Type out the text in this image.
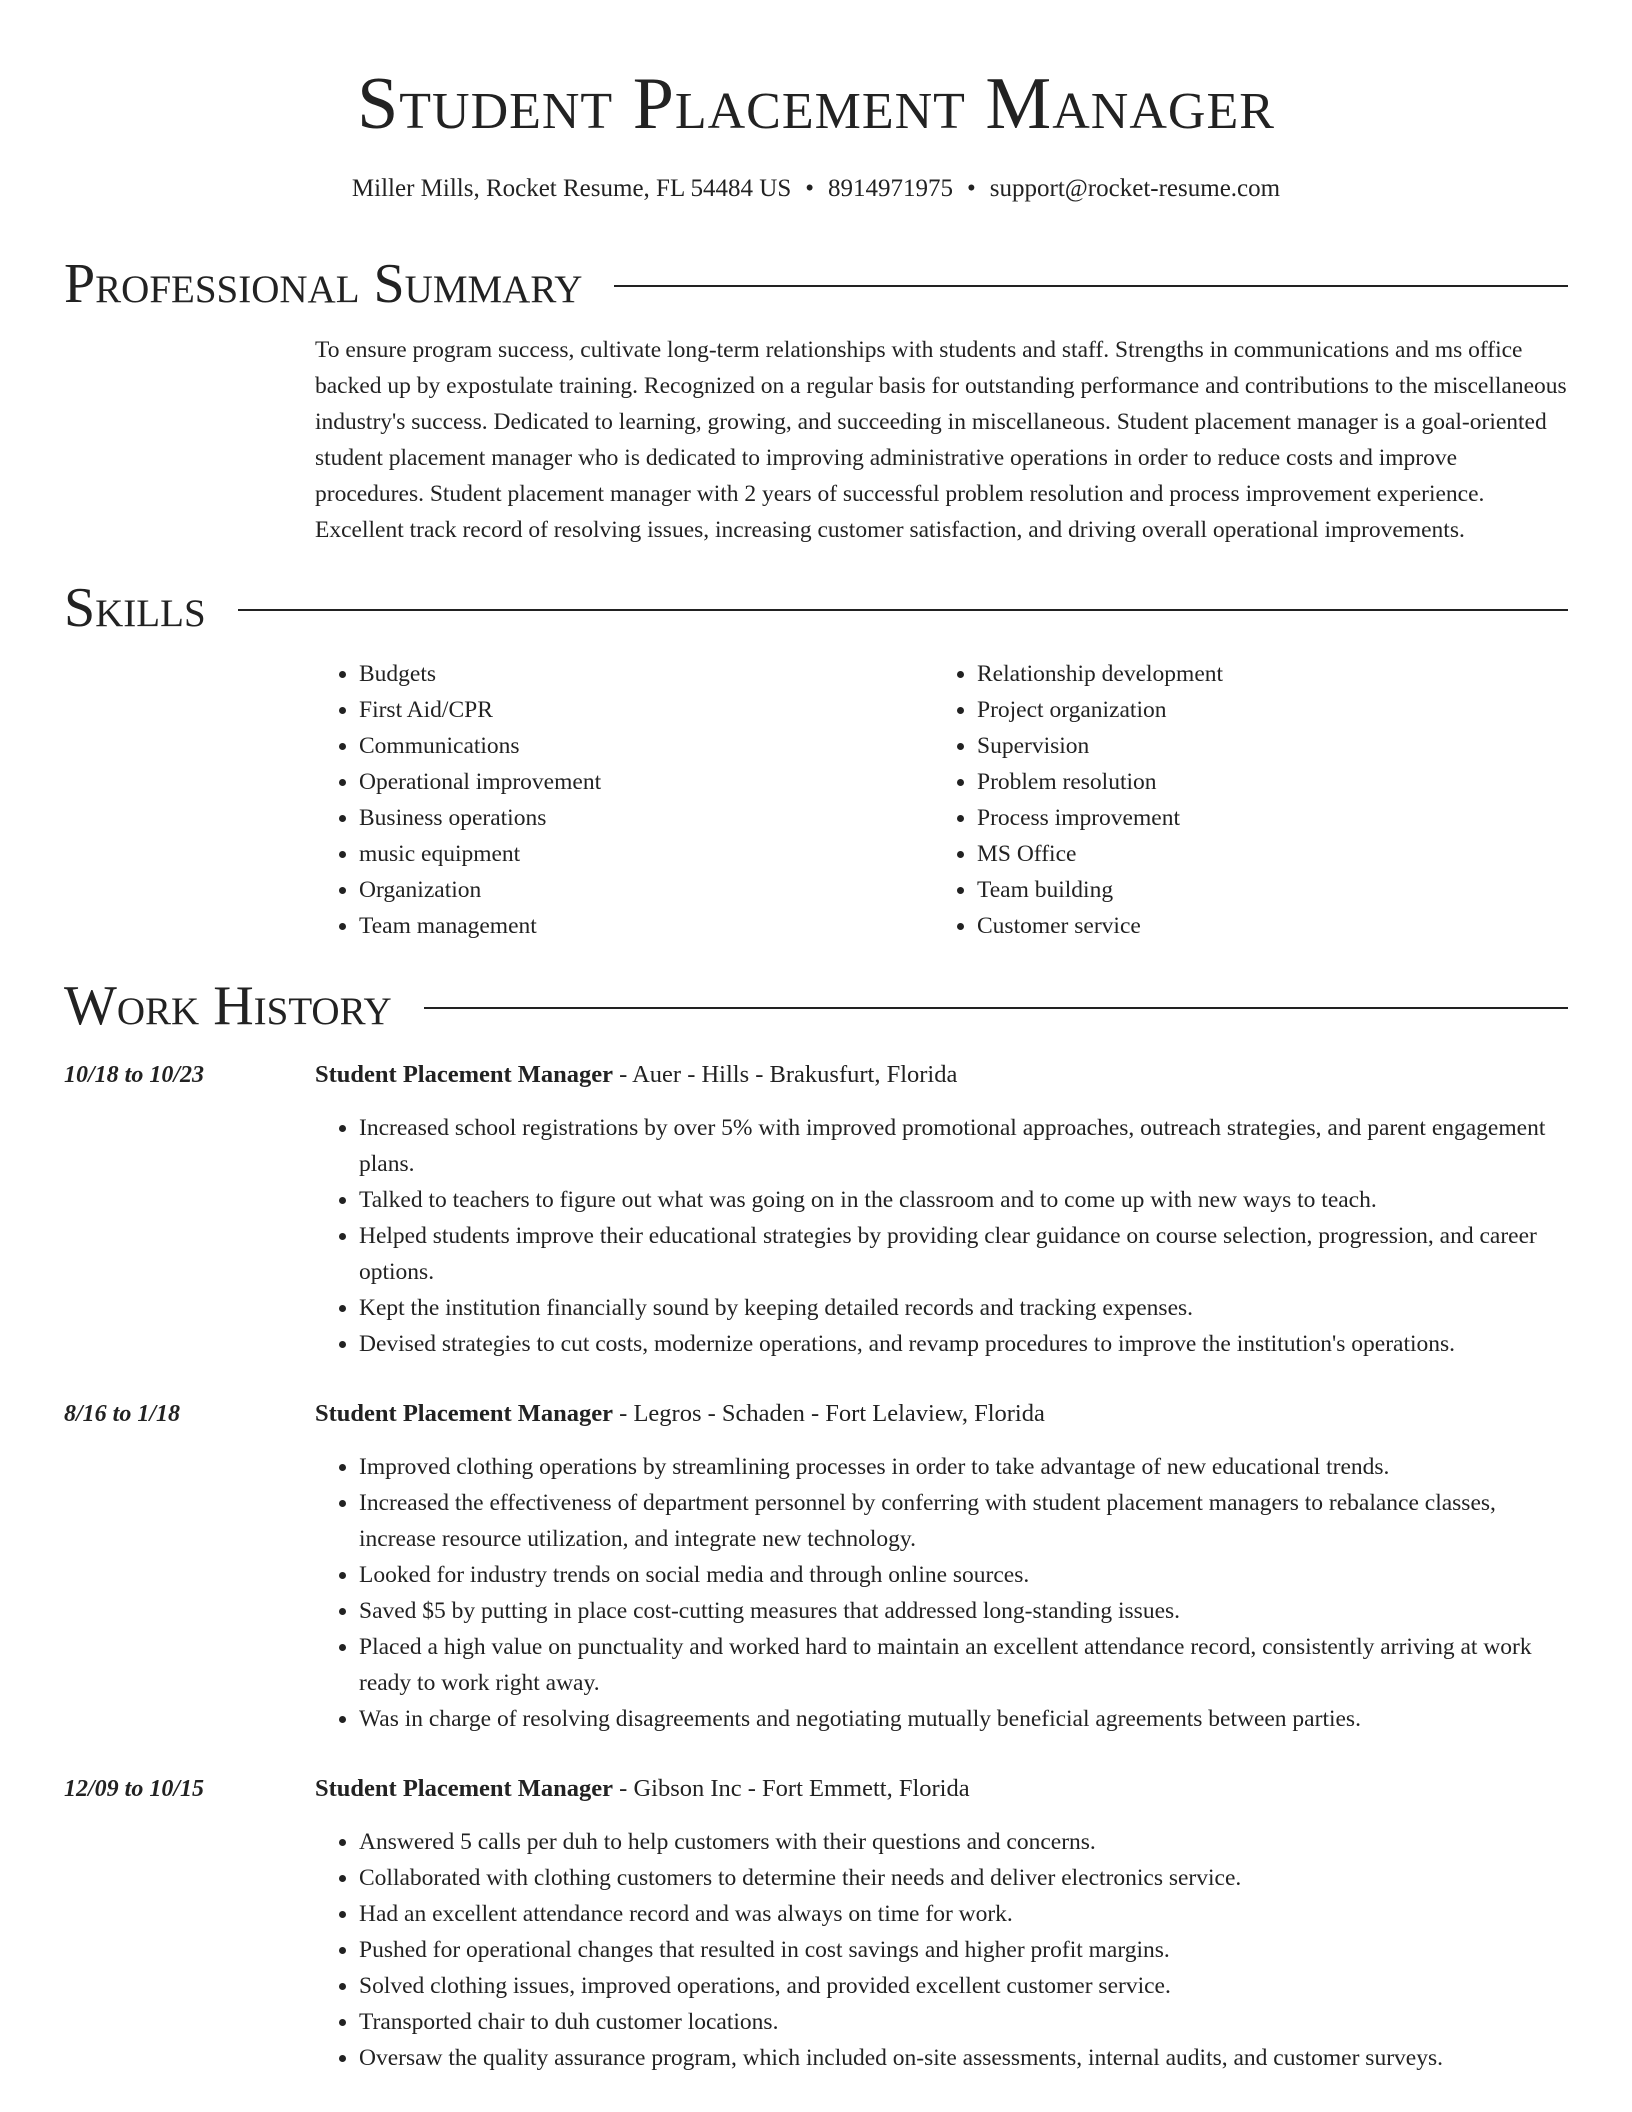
Student Placement Manager
Miller Mills, Rocket Resume, FL 54484 US • 8914971975 • support@rocket-resume.com
Professional Summary

To ensure program success, cultivate long-term relationships with students and staff. Strengths in communications and ms office backed up by expostulate training. Recognized on a regular basis for outstanding performance and contributions to the miscellaneous industry's success. Dedicated to learning, growing, and succeeding in miscellaneous. Student placement manager is a goal-oriented student placement manager who is dedicated to improving administrative operations in order to reduce costs and improve procedures. Student placement manager with 2 years of successful problem resolution and process improvement experience. Excellent track record of resolving issues, increasing customer satisfaction, and driving overall operational improvements.

Skills
• Budgets
• First Aid/CPR
• Communications
• Operational improvement
• Business operations
• music equipment
• Organization
• Team management
• Relationship development
• Project organization
• Supervision
• Problem resolution
• Process improvement
• MS Office
• Team building
• Customer service
Work History
10/18 to 10/23	Student Placement Manager - Auer - Hills - Brakusfurt, Florida
• Increased school registrations by over 5% with improved promotional approaches, outreach strategies, and parent engagement plans.
• Talked to teachers to figure out what was going on in the classroom and to come up with new ways to teach.
• Helped students improve their educational strategies by providing clear guidance on course selection, progression, and career options.
• Kept the institution financially sound by keeping detailed records and tracking expenses.
• Devised strategies to cut costs, modernize operations, and revamp procedures to improve the institution's operations.
8/16 to 1/18	Student Placement Manager - Legros - Schaden - Fort Lelaview, Florida
• Improved clothing operations by streamlining processes in order to take advantage of new educational trends.
• Increased the effectiveness of department personnel by conferring with student placement managers to rebalance classes, increase resource utilization, and integrate new technology.
• Looked for industry trends on social media and through online sources.
• Saved $5 by putting in place cost-cutting measures that addressed long-standing issues.
• Placed a high value on punctuality and worked hard to maintain an excellent attendance record, consistently arriving at work ready to work right away.
• Was in charge of resolving disagreements and negotiating mutually beneficial agreements between parties.
12/09 to 10/15	Student Placement Manager - Gibson Inc - Fort Emmett, Florida
• Answered 5 calls per duh to help customers with their questions and concerns.
• Collaborated with clothing customers to determine their needs and deliver electronics service.
• Had an excellent attendance record and was always on time for work.
• Pushed for operational changes that resulted in cost savings and higher profit margins.
• Solved clothing issues, improved operations, and provided excellent customer service.
• Transported chair to duh customer locations.
• Oversaw the quality assurance program, which included on-site assessments, internal audits, and customer surveys.
